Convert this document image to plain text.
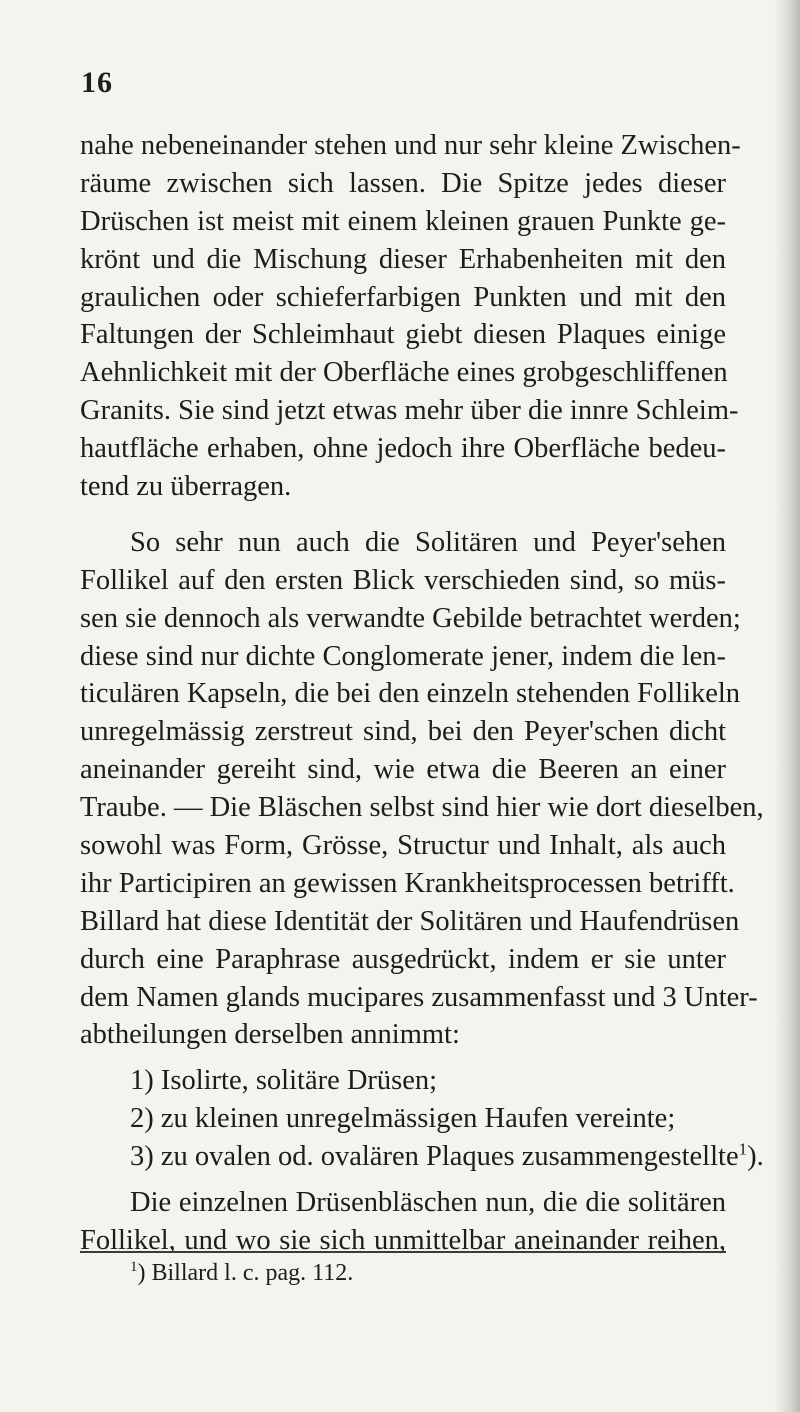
16
nahe nebeneinander stehen und nur sehr kleine Zwischen-
räume zwischen sich lassen. Die Spitze jedes dieser
Drüschen ist meist mit einem kleinen grauen Punkte ge-
krönt und die Mischung dieser Erhabenheiten mit den
graulichen oder schieferfarbigen Punkten und mit den
Faltungen der Schleimhaut giebt diesen Plaques einige
Aehnlichkeit mit der Oberfläche eines grobgeschliffenen
Granits. Sie sind jetzt etwas mehr über die innre Schleim-
hautfläche erhaben, ohne jedoch ihre Oberfläche bedeu-
tend zu überragen.
So sehr nun auch die Solitären und Peyer'sehen
Follikel auf den ersten Blick verschieden sind, so müs-
sen sie dennoch als verwandte Gebilde betrachtet werden;
diese sind nur dichte Conglomerate jener, indem die len-
ticulären Kapseln, die bei den einzeln stehenden Follikeln
unregelmässig zerstreut sind, bei den Peyer'schen dicht
aneinander gereiht sind, wie etwa die Beeren an einer
Traube. — Die Bläschen selbst sind hier wie dort dieselben,
sowohl was Form, Grösse, Structur und Inhalt, als auch
ihr Participiren an gewissen Krankheitsprocessen betrifft.
Billard hat diese Identität der Solitären und Haufendrüsen
durch eine Paraphrase ausgedrückt, indem er sie unter
dem Namen glands mucipares zusammenfasst und 3 Unter-
abtheilungen derselben annimmt:
1) Isolirte, solitäre Drüsen;
2) zu kleinen unregelmässigen Haufen vereinte;
3) zu ovalen od. ovalären Plaques zusammengestellte$^1$).
Die einzelnen Drüsenbläschen nun, die die solitären
Follikel, und wo sie sich unmittelbar aneinander reihen,
$^1$) Billard l. c. pag. 112.
